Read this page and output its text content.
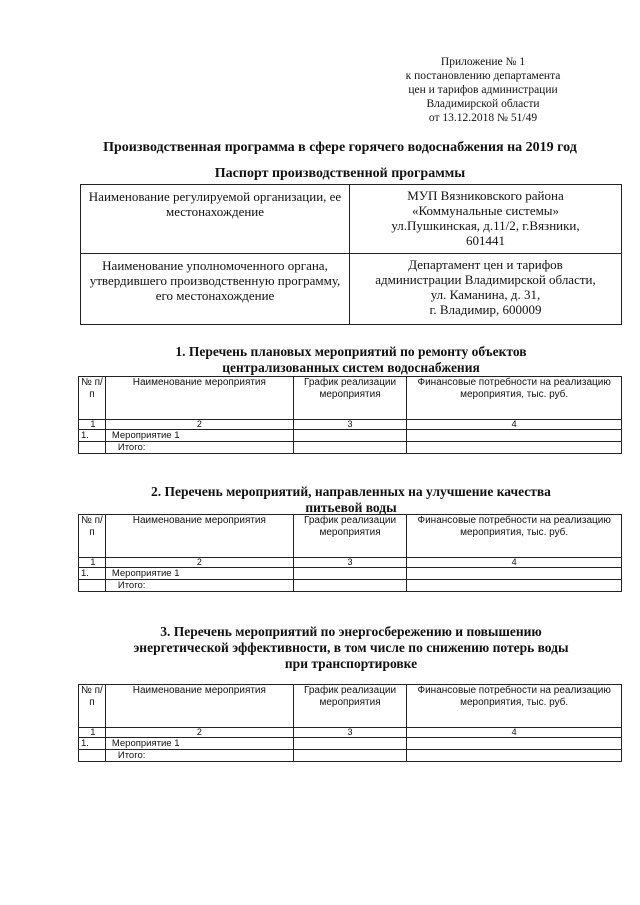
Приложение № 1
к постановлению департамента
цен и тарифов администрации
Владимирской области
от 13.12.2018 № 51/49
Производственная программа в сфере горячего водоснабжения на 2019 год
Паспорт производственной программы
Наименование регулируемой организации, ее местонахождение	МУП Вязниковского района
«Коммунальные системы»
ул.Пушкинская, д.11/2, г.Вязники,
601441

Наименование уполномоченного органа, утвердившего производственную программу, его местонахождение	Департамент цен и тарифов
администрации Владимирской области,
ул. Каманина, д. 31,
г. Владимир, 600009
1. Перечень плановых мероприятий по ремонту объектов
централизованных систем водоснабжения
№ п/п	Наименование мероприятия	График реализации мероприятия	Финансовые потребности на реализацию мероприятия, тыс. руб.
1	2	3	4
1.	Мероприятие 1		
	Итого:		
2. Перечень мероприятий, направленных на улучшение качества
питьевой воды
№ п/п	Наименование мероприятия	График реализации мероприятия	Финансовые потребности на реализацию мероприятия, тыс. руб.
1	2	3	4
1.	Мероприятие 1		
	Итого:		
3. Перечень мероприятий по энергосбережению и повышению
энергетической эффективности, в том числе по снижению потерь воды
при транспортировке
№ п/п	Наименование мероприятия	График реализации мероприятия	Финансовые потребности на реализацию мероприятия, тыс. руб.
1	2	3	4
1.	Мероприятие 1		
	Итого:		
